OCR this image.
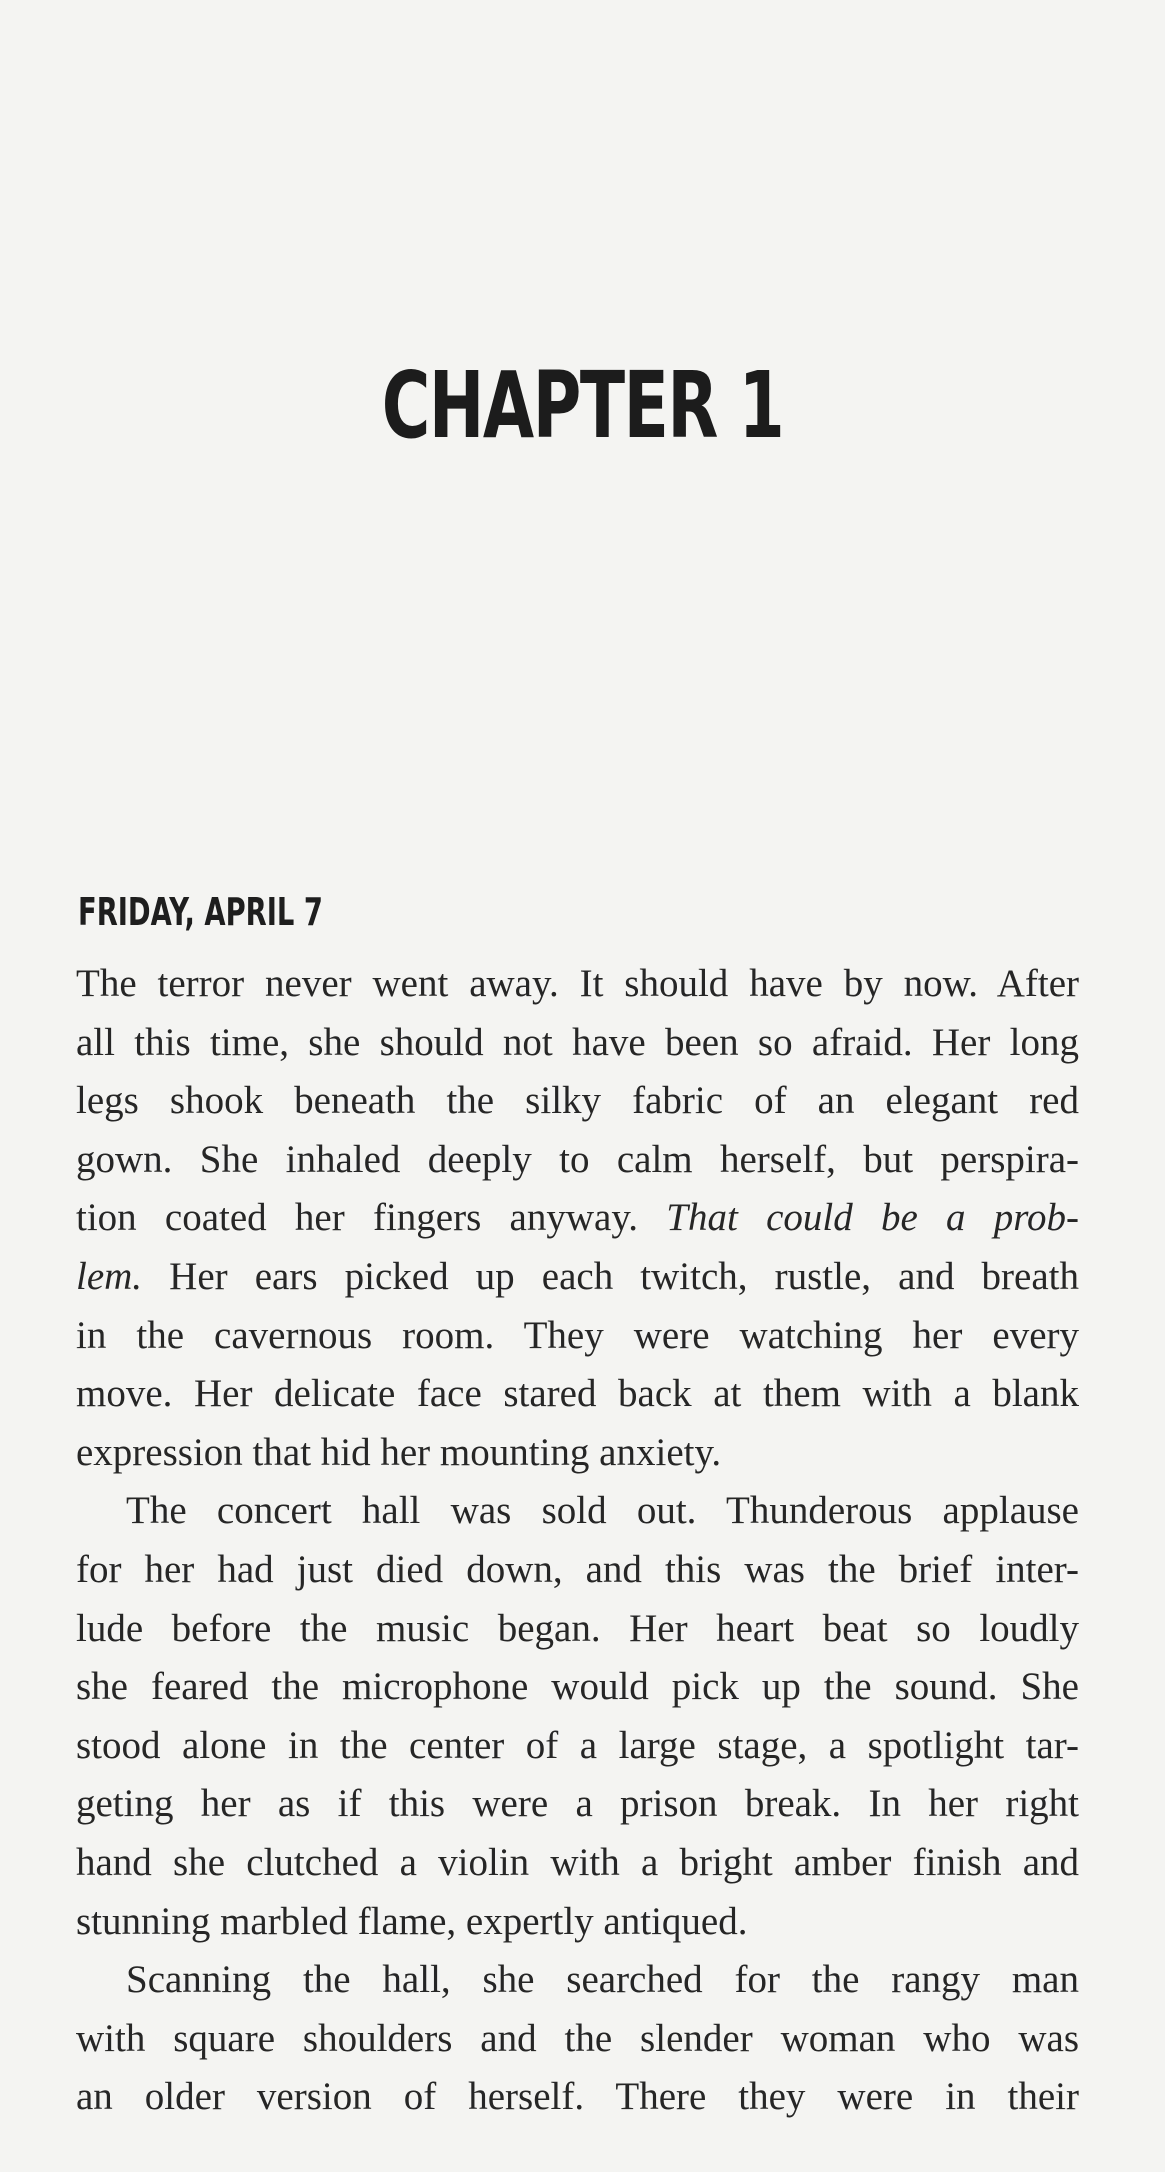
CHAPTER 1
FRIDAY, APRIL 7
The terror never went away. It should have by now. After
all this time, she should not have been so afraid. Her long
legs shook beneath the silky fabric of an elegant red
gown. She inhaled deeply to calm herself, but perspira-
tion coated her fingers anyway. That could be a prob-
lem. Her ears picked up each twitch, rustle, and breath
in the cavernous room. They were watching her every
move. Her delicate face stared back at them with a blank
expression that hid her mounting anxiety.
The concert hall was sold out. Thunderous applause
for her had just died down, and this was the brief inter-
lude before the music began. Her heart beat so loudly
she feared the microphone would pick up the sound. She
stood alone in the center of a large stage, a spotlight tar-
geting her as if this were a prison break. In her right
hand she clutched a violin with a bright amber finish and
stunning marbled flame, expertly antiqued.
Scanning the hall, she searched for the rangy man
with square shoulders and the slender woman who was
an older version of herself. There they were in their
